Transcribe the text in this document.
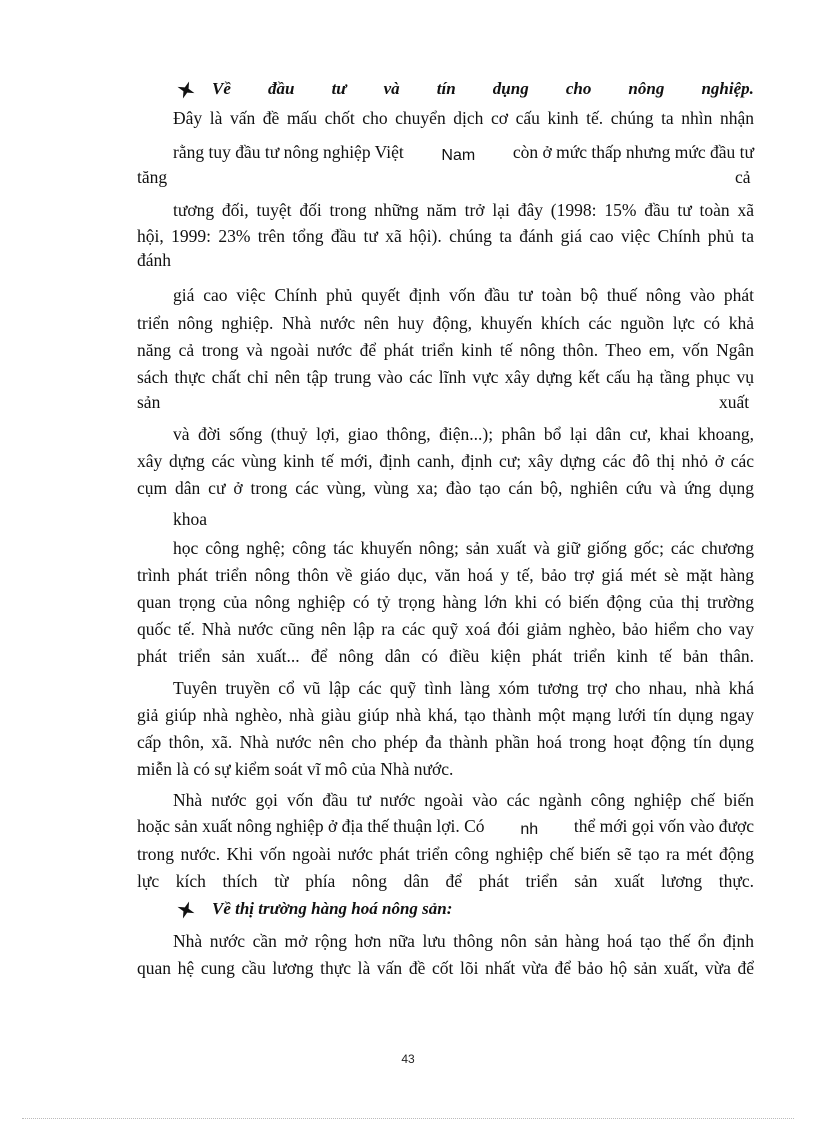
Về đầu tư và tín dụng cho nông nghiệp.
Đây là vấn đề mấu chốt cho chuyển dịch cơ cấu kinh tế. chúng ta nhìn nhận
rằng tuy đầu tư nông nghiệp Việt Nam còn ở mức thấp nhưng mức đầu tư
tăng	cả
tương đối, tuyệt đối trong những năm trở lại đây (1998: 15% đầu tư toàn xã
hội, 1999: 23% trên tổng đầu tư xã hội). chúng ta đánh giá cao việc Chính phủ ta
đánh
giá cao việc Chính phủ quyết định vốn đầu tư toàn bộ thuế nông vào phát
triển nông nghiệp. Nhà nước nên huy động, khuyến khích các nguồn lực có khả
năng cả trong và ngoài nước để phát triển kinh tế nông thôn. Theo em, vốn Ngân
sách thực chất chỉ nên tập trung vào các lĩnh vực xây dựng kết cấu hạ tầng phục vụ
sản	xuất
và đời sống (thuỷ lợi, giao thông, điện...); phân bổ lại dân cư, khai khoang,
xây dựng các vùng kinh tế mới, định canh, định cư; xây dựng các đô thị nhỏ ở các
cụm dân cư ở trong các vùng, vùng xa; đào tạo cán bộ, nghiên cứu và ứng dụng
khoa
học công nghệ; công tác khuyến nông; sản xuất và giữ giống gốc; các chương
trình phát triển nông thôn về giáo dục, văn hoá y tế, bảo trợ giá mét sè mặt hàng
quan trọng của nông nghiệp có tỷ trọng hàng lớn khi có biến động của thị trường
quốc tế. Nhà nước cũng nên lập ra các quỹ xoá đói giảm nghèo, bảo hiểm cho vay
phát triển sản xuất... để nông dân có điều kiện phát triển kinh tế bản thân.
Tuyên truyền cổ vũ lập các quỹ tình làng xóm tương trợ cho nhau, nhà khá
giả giúp nhà nghèo, nhà giàu giúp nhà khá, tạo thành một mạng lưới tín dụng ngay
cấp thôn, xã. Nhà nước nên cho phép đa thành phần hoá trong hoạt động tín dụng
miễn là có sự kiểm soát vĩ mô của Nhà nước.
Nhà nước gọi vốn đầu tư nước ngoài vào các ngành công nghiệp chế biến
hoặc sản xuất nông nghiệp ở địa thế thuận lợi. Có nh thể mới gọi vốn vào được
trong nước. Khi vốn ngoài nước phát triển công nghiệp chế biến sẽ tạo ra mét động
lực kích thích từ phía nông dân để phát triển sản xuất lương thực.
Về thị trường hàng hoá nông sản:
Nhà nước cần mở rộng hơn nữa lưu thông nôn sản hàng hoá tạo thế ổn định
quan hệ cung cầu lương thực là vấn đề cốt lõi nhất vừa để bảo hộ sản xuất, vừa để
43
